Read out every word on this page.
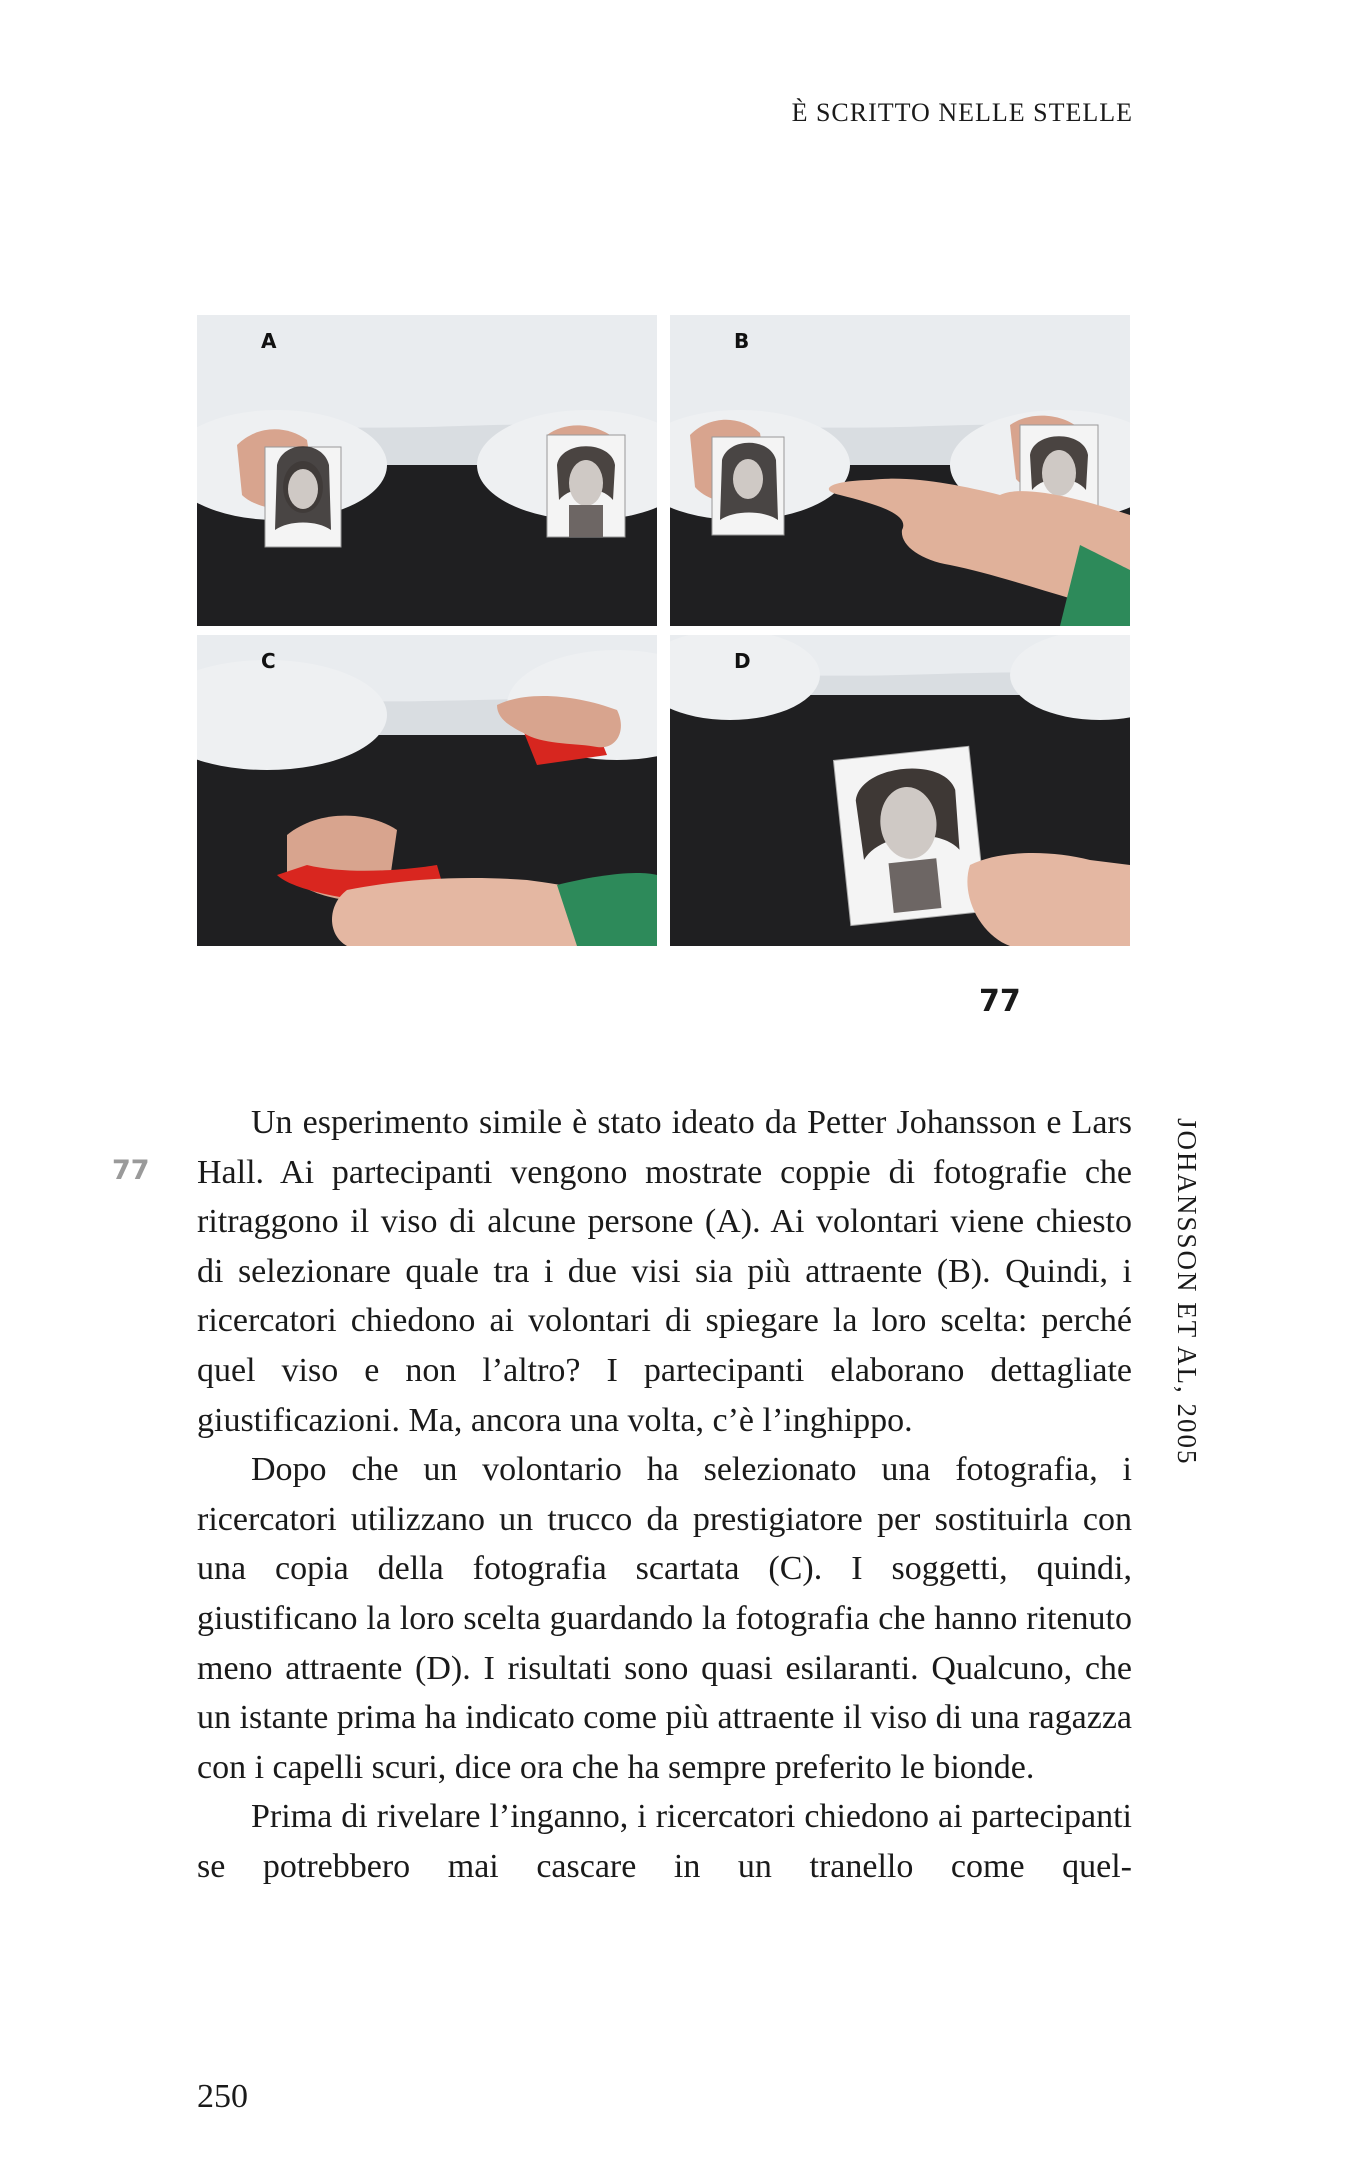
È SCRITTO NELLE STELLE
A	B
C	D
77
77	JOHANSSON ET AL, 2005

Un esperimento simile è stato ideato da Petter Johansson e Lars Hall. Ai partecipanti vengono mostrate coppie di fotografie che ritraggono il viso di alcune persone (A). Ai volontari viene chiesto di selezionare quale tra i due visi sia più attraente (B). Quindi, i ricercatori chiedono ai volontari di spiegare la loro scelta: perché quel viso e non l’altro? I partecipanti elaborano dettagliate giustificazioni. Ma, ancora una volta, c’è l’inghippo.

Dopo che un volontario ha selezionato una fotografia, i ricercatori utilizzano un trucco da prestigiatore per sostituirla con una copia della fotografia scartata (C). I soggetti, quindi, giustificano la loro scelta guardando la fotografia che hanno ritenuto meno attraente (D). I risultati sono quasi esilaranti. Qualcuno, che un istante prima ha indicato come più attraente il viso di una ragazza con i capelli scuri, dice ora che ha sempre preferito le bionde.

Prima di rivelare l’inganno, i ricercatori chiedono ai partecipanti se potrebbero mai cascare in un tranello come quel-

250
